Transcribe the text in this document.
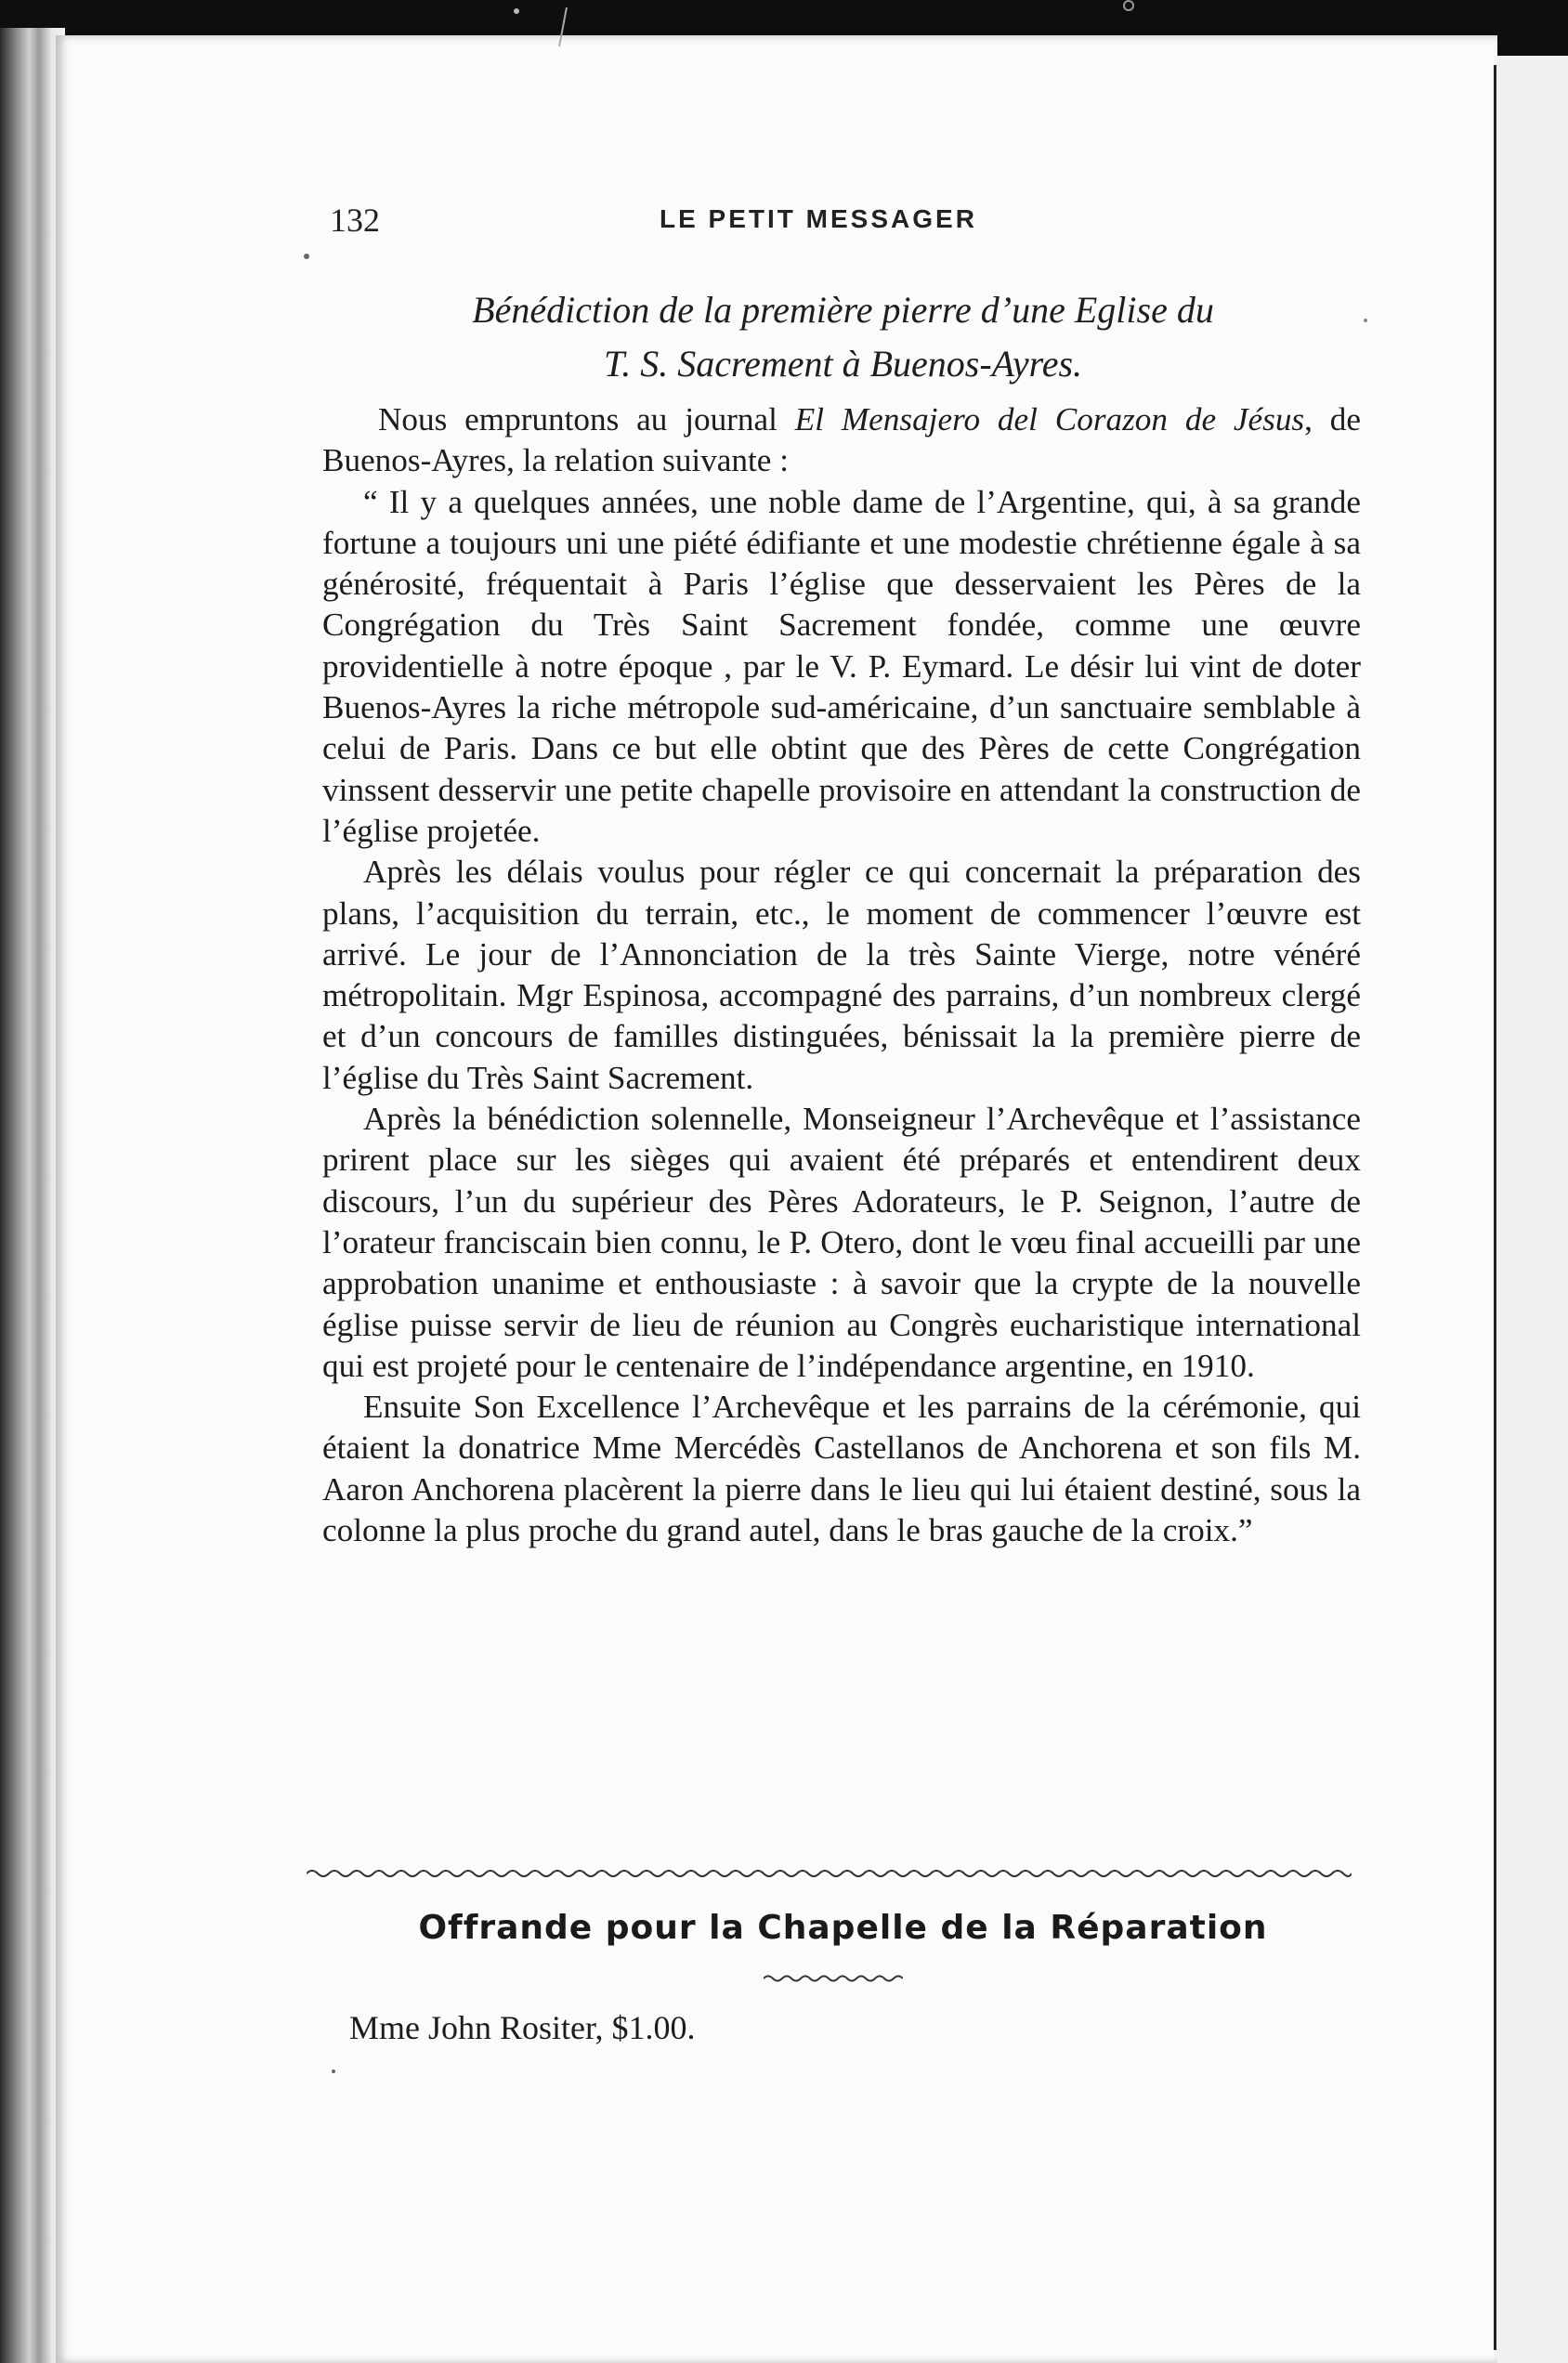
132	LE PETIT MESSAGER
Bénédiction de la première pierre d’une Eglise du
T. S. Sacrement à Buenos-Ayres.

Nous empruntons au journal El Mensajero del Corazon de Jésus, de Buenos-Ayres, la relation suivante :

“ Il y a quelques années, une noble dame de l’Argentine, qui, à sa grande fortune a toujours uni une piété édifiante et une modestie chrétienne égale à sa générosité, fréquentait à Paris l’église que desservaient les Pères de la Congrégation du Très Saint Sacrement fondée, comme une œuvre providentielle à notre époque , par le V. P. Eymard. Le désir lui vint de doter Buenos-Ayres la riche métropole sud-américaine, d’un sanctuaire semblable à celui de Paris. Dans ce but elle obtint que des Pères de cette Congrégation vinssent desservir une petite chapelle provisoire en attendant la construction de l’église projetée.

Après les délais voulus pour régler ce qui concernait la préparation des plans, l’acquisition du terrain, etc., le moment de commencer l’œuvre est arrivé. Le jour de l’Annonciation de la très Sainte Vierge, notre vénéré métropolitain. Mgr Espinosa, accompagné des parrains, d’un nombreux clergé et d’un concours de familles distinguées, bénissait la la première pierre de l’église du Très Saint Sacrement.

Après la bénédiction solennelle, Monseigneur l’Archevêque et l’assistance prirent place sur les sièges qui avaient été préparés et entendirent deux discours, l’un du supérieur des Pères Adorateurs, le P. Seignon, l’autre de l’orateur franciscain bien connu, le P. Otero, dont le vœu final accueilli par une approbation unanime et enthousiaste : à savoir que la crypte de la nouvelle église puisse servir de lieu de réunion au Congrès eucharistique international qui est projeté pour le centenaire de l’indépendance argentine, en 1910.

Ensuite Son Excellence l’Archevêque et les parrains de la cérémonie, qui étaient la donatrice Mme Mercédès Castellanos de Anchorena et son fils M. Aaron Anchorena placèrent la pierre dans le lieu qui lui étaient destiné, sous la colonne la plus proche du grand autel, dans le bras gauche de la croix.”

Offrande pour la Chapelle de la Réparation
Mme John Rositer, $1.00.
